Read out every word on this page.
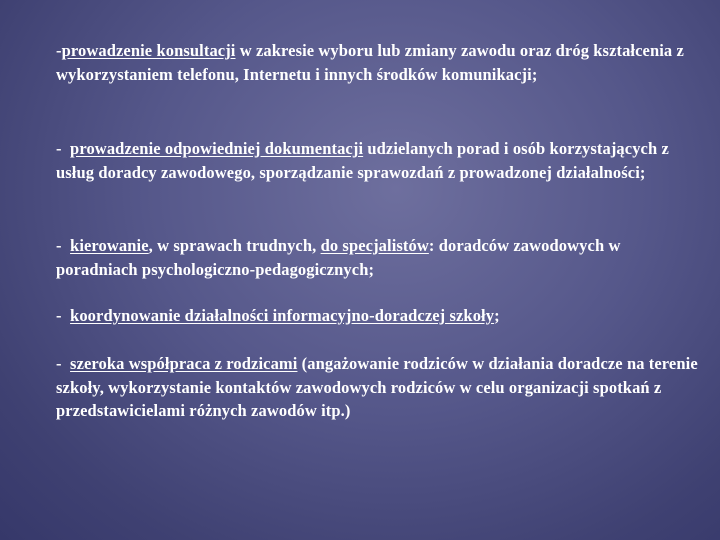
-prowadzenie konsultacji w zakresie wyboru lub zmiany zawodu oraz dróg kształcenia z wykorzystaniem telefonu, Internetu i innych środków komunikacji;

-  prowadzenie odpowiedniej dokumentacji udzielanych porad i osób korzystających z usług doradcy zawodowego, sporządzanie sprawozdań z prowadzonej działalności;

-  kierowanie, w sprawach trudnych, do specjalistów: doradców zawodowych w poradniach psychologiczno-pedagogicznych;

-  koordynowanie działalności informacyjno-doradczej szkoły;

-  szeroka współpraca z rodzicami (angażowanie rodziców w działania doradcze na terenie szkoły, wykorzystanie kontaktów zawodowych rodziców w celu organizacji spotkań z przedstawicielami różnych zawodów itp.)
